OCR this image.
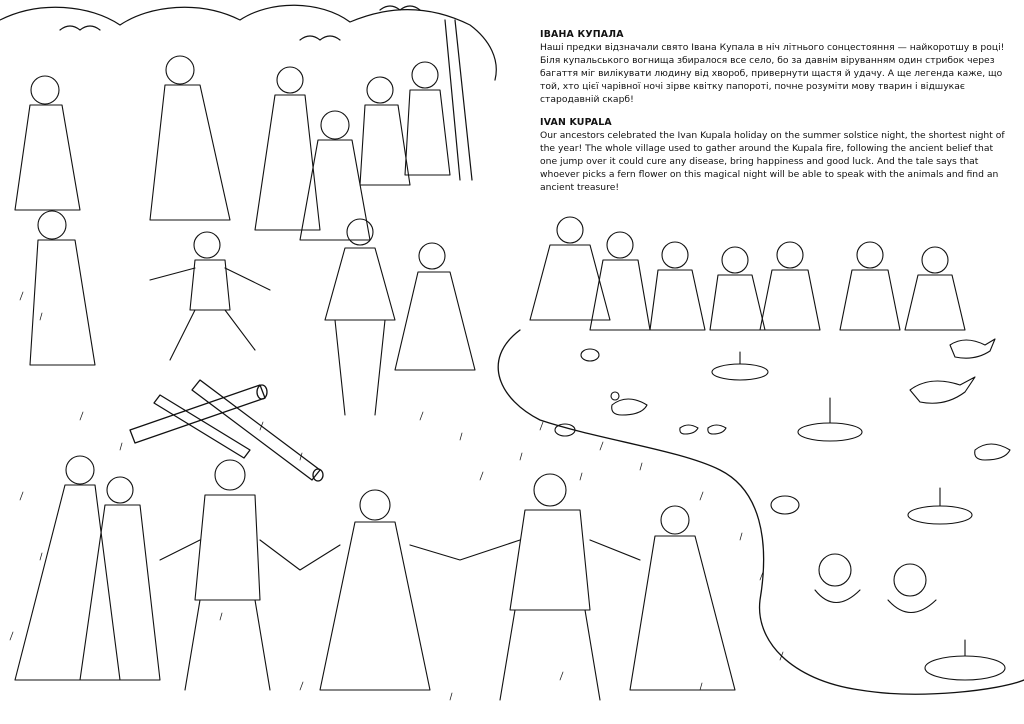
ІВАНА КУПАЛА

Наші предки відзначали свято Івана Купала в ніч літнього сонцестояння — найкоротшу в році! Біля купальського вогнища збиралося все село, бо за давнім віруванням один стрибок через багаття міг вилікувати людину від хвороб, привернути щастя й удачу. А ще легенда каже, що той, хто цієї чарівної ночі зірве квітку папороті, почне розуміти мову тварин і відшукає стародавній скарб!

IVAN KUPALA

Our ancestors celebrated the Ivan Kupala holiday on the summer solstice night, the shortest night of the year! The whole village used to gather around the Kupala fire, following the ancient belief that one jump over it could cure any disease, bring happiness and good luck. And the tale says that whoever picks a fern flower on this magical night will be able to speak with the animals and find an ancient treasure!
